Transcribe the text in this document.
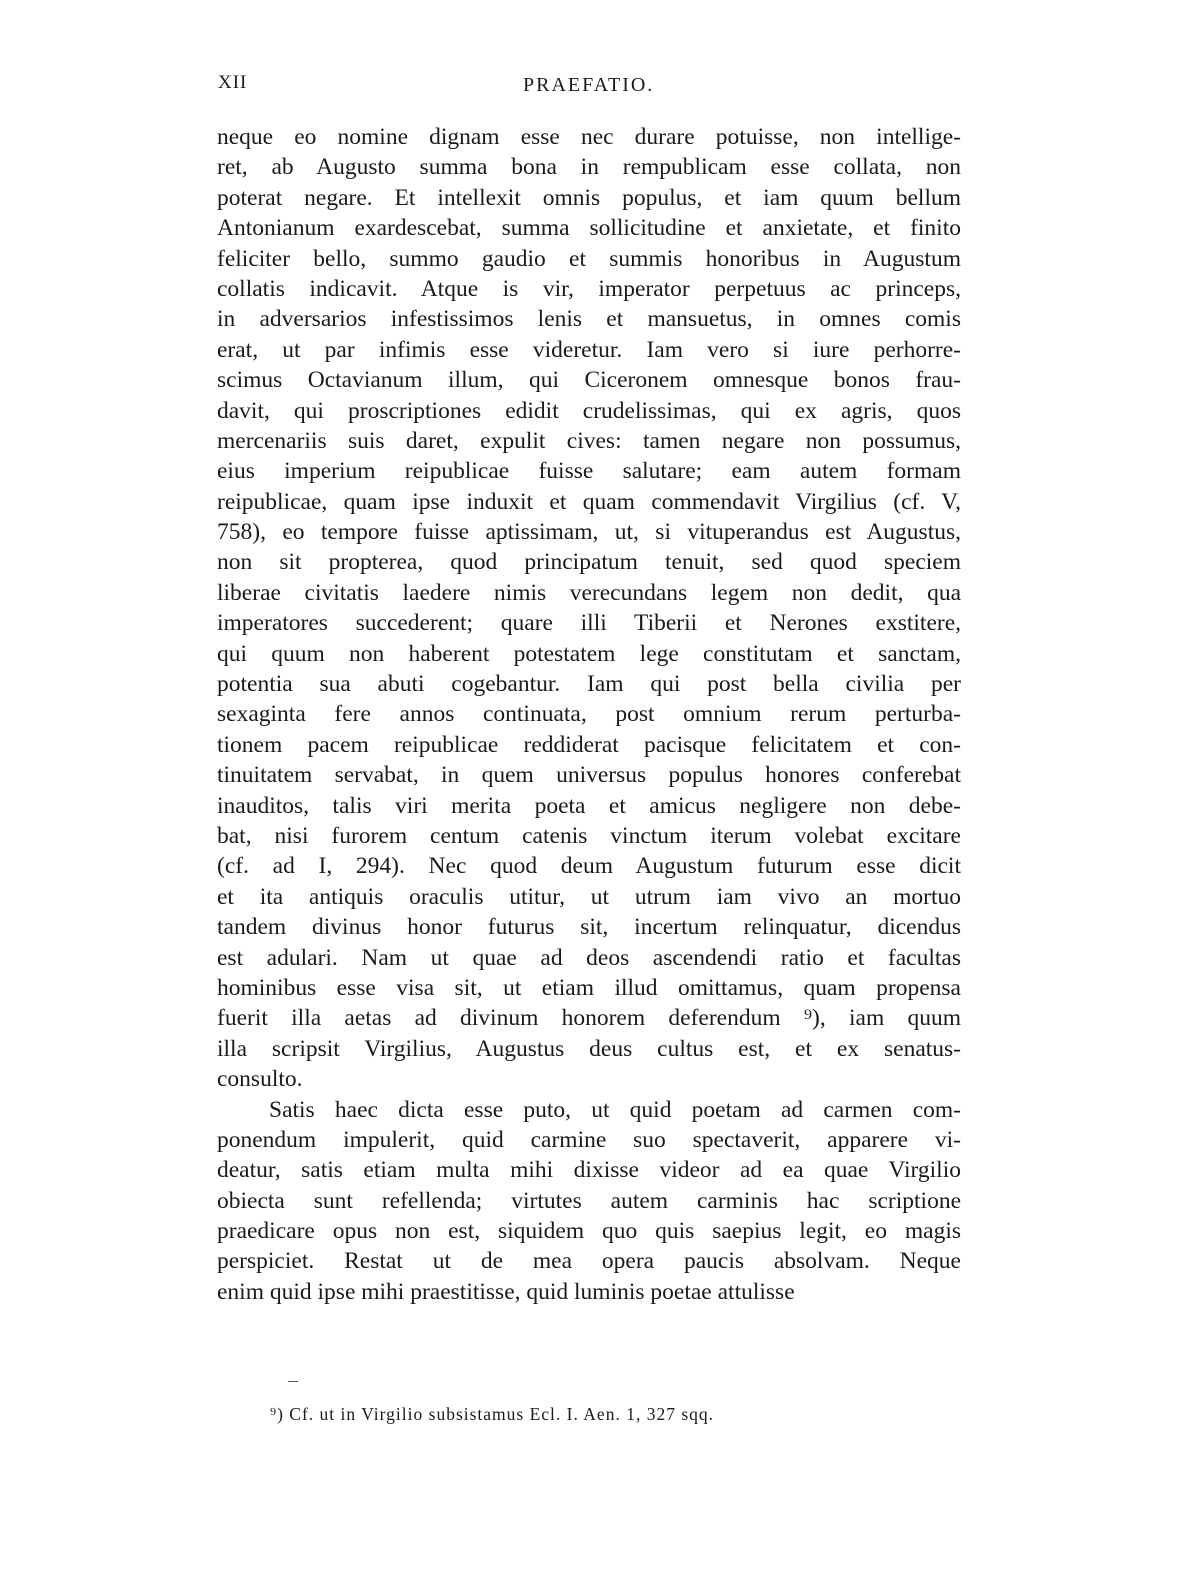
XII	PRAEFATIO.
neque eo nomine dignam esse nec durare potuisse, non intellige-
ret, ab Augusto summa bona in rempublicam esse collata, non
poterat negare. Et intellexit omnis populus, et iam quum bellum
Antonianum exardescebat, summa sollicitudine et anxietate, et finito
feliciter bello, summo gaudio et summis honoribus in Augustum
collatis indicavit. Atque is vir, imperator perpetuus ac princeps,
in adversarios infestissimos lenis et mansuetus, in omnes comis
erat, ut par infimis esse videretur. Iam vero si iure perhorre-
scimus Octavianum illum, qui Ciceronem omnesque bonos frau-
davit, qui proscriptiones edidit crudelissimas, qui ex agris, quos
mercenariis suis daret, expulit cives: tamen negare non possumus,
eius imperium reipublicae fuisse salutare; eam autem formam
reipublicae, quam ipse induxit et quam commendavit Virgilius (cf. V,
758), eo tempore fuisse aptissimam, ut, si vituperandus est Augustus,
non sit propterea, quod principatum tenuit, sed quod speciem
liberae civitatis laedere nimis verecundans legem non dedit, qua
imperatores succederent; quare illi Tiberii et Nerones exstitere,
qui quum non haberent potestatem lege constitutam et sanctam,
potentia sua abuti cogebantur. Iam qui post bella civilia per
sexaginta fere annos continuata, post omnium rerum perturba-
tionem pacem reipublicae reddiderat pacisque felicitatem et con-
tinuitatem servabat, in quem universus populus honores conferebat
inauditos, talis viri merita poeta et amicus negligere non debe-
bat, nisi furorem centum catenis vinctum iterum volebat excitare
(cf. ad I, 294). Nec quod deum Augustum futurum esse dicit
et ita antiquis oraculis utitur, ut utrum iam vivo an mortuo
tandem divinus honor futurus sit, incertum relinquatur, dicendus
est adulari. Nam ut quae ad deos ascendendi ratio et facultas
hominibus esse visa sit, ut etiam illud omittamus, quam propensa
fuerit illa aetas ad divinum honorem deferendum ⁹), iam quum
illa scripsit Virgilius, Augustus deus cultus est, et ex senatus-
consulto.
Satis haec dicta esse puto, ut quid poetam ad carmen com-
ponendum impulerit, quid carmine suo spectaverit, apparere vi-
deatur, satis etiam multa mihi dixisse videor ad ea quae Virgilio
obiecta sunt refellenda; virtutes autem carminis hac scriptione
praedicare opus non est, siquidem quo quis saepius legit, eo magis
perspiciet. Restat ut de mea opera paucis absolvam. Neque
enim quid ipse mihi praestitisse, quid luminis poetae attulisse
⁹) Cf. ut in Virgilio subsistamus Ecl. I. Aen. 1, 327 sqq.
